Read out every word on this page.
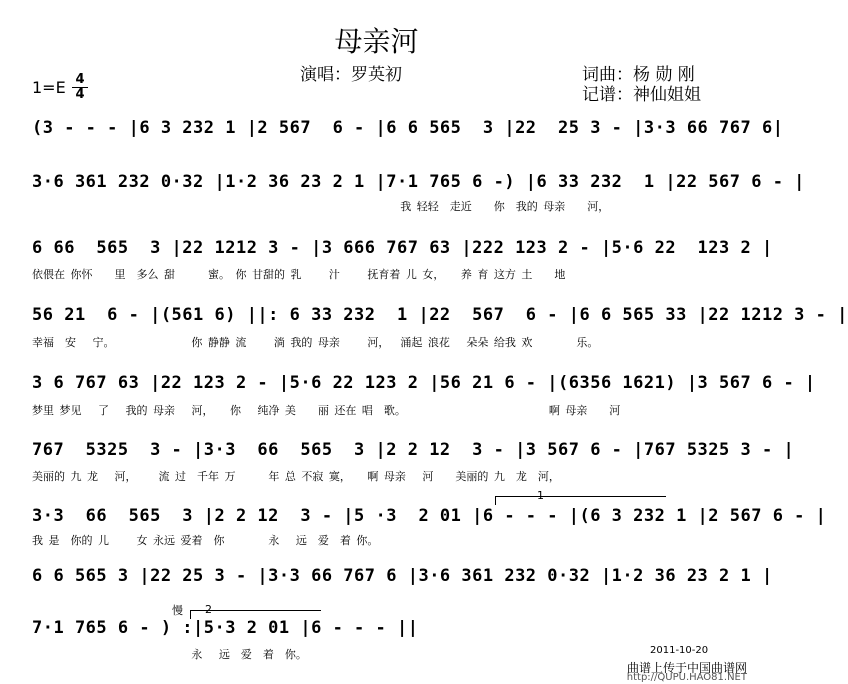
母亲河
演唱：罗英初	词曲：杨 勋 刚
记谱：神仙姐姐
1=E 4
4
(3 - - - |6 3 232 1 |2 567  6 - |6 6 565  3 |22  25 3 - |3·3 66 767 6|
3·6 361 232 0·32 |1·2 36 23 2 1 |7·1 765 6 -) |6 33 232  1 |22 567 6 - |
我 轻轻  走近    你  我的 母亲    河，
6 66  565  3 |22 1212 3 - |3 666 767 63 |222 123 2 - |5·6 22  123 2 |
依偎在 你怀    里  多么 甜      蜜。 你 甘甜的 乳     汁     抚育着 儿 女，   养 育 这方 土    地
56 21  6 - |(561 6) ||: 6 33 232  1 |22  567  6 - |6 6 565 33 |22 1212 3 - |
幸福  安   宁。              你 静静 流     淌 我的 母亲     河，  涌起 浪花   朵朵 给我 欢        乐。
3 6 767 63 |22 123 2 - |5·6 22 123 2 |56 21 6 - |(6356 1621) |3 567 6 - |
梦里 梦见   了   我的 母亲   河，   你   纯净 美    丽 还在 唱  歌。                          啊 母亲    河
767  5325  3 - |3·3  66  565  3 |2 2 12  3 - |3 567 6 - |767 5325 3 - |
美丽的 九 龙   河，    流 过  千年 万      年 总 不寂 寞，   啊 母亲   河    美丽的 九  龙  河，
1
3·3  66  565  3 |2 2 12  3 - |5 ·3  2 01 |6 - - - |(6 3 232 1 |2 567 6 - |
我 是  你的 儿     女 永远 爱着  你        永   远  爱  着 你。
6 6 565 3 |22 25 3 - |3·3 66 767 6 |3·6 361 232 0·32 |1·2 36 23 2 1 |
慢 2
7·1 765 6 - ) :|5·3 2 01 |6 - - - ||
永   远  爱  着  你。	2011-10-20
曲谱上传于中国曲谱网
http://QUPU.HAO81.NET
